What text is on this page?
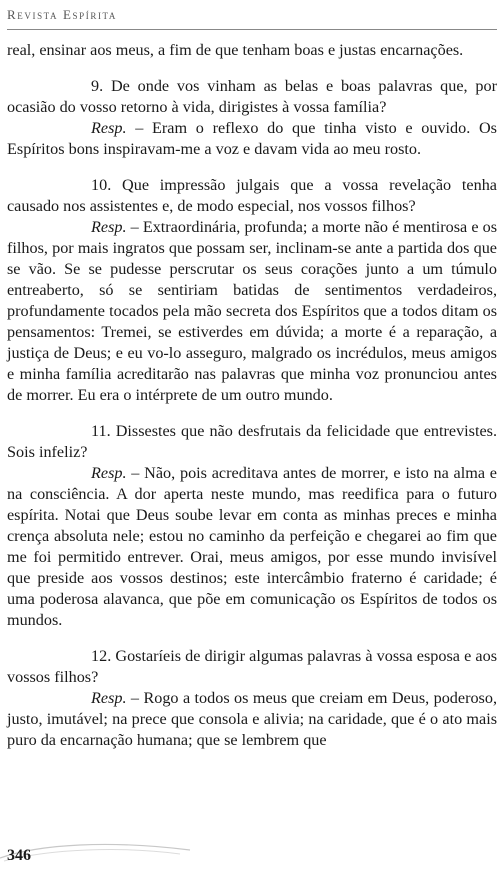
Revista Espírita

real, ensinar aos meus, a fim de que tenham boas e justas encarnações.

9. De onde vos vinham as belas e boas palavras que, por ocasião do vosso retorno à vida, dirigistes à vossa família?

Resp. – Eram o reflexo do que tinha visto e ouvido. Os Espíritos bons inspiravam-me a voz e davam vida ao meu rosto.

10. Que impressão julgais que a vossa revelação tenha causado nos assistentes e, de modo especial, nos vossos filhos?

Resp. – Extraordinária, profunda; a morte não é mentirosa e os filhos, por mais ingratos que possam ser, inclinam-se ante a partida dos que se vão. Se se pudesse perscrutar os seus corações junto a um túmulo entreaberto, só se sentiriam batidas de sentimentos verdadeiros, profundamente tocados pela mão secreta dos Espíritos que a todos ditam os pensamentos: Tremei, se estiverdes em dúvida; a morte é a reparação, a justiça de Deus; e eu vo-lo asseguro, malgrado os incrédulos, meus amigos e minha família acreditarão nas palavras que minha voz pronunciou antes de morrer. Eu era o intérprete de um outro mundo.

11. Dissestes que não desfrutais da felicidade que entrevistes. Sois infeliz?

Resp. – Não, pois acreditava antes de morrer, e isto na alma e na consciência. A dor aperta neste mundo, mas reedifica para o futuro espírita. Notai que Deus soube levar em conta as minhas preces e minha crença absoluta nele; estou no caminho da perfeição e chegarei ao fim que me foi permitido entrever. Orai, meus amigos, por esse mundo invisível que preside aos vossos destinos; este intercâmbio fraterno é caridade; é uma poderosa alavanca, que põe em comunicação os Espíritos de todos os mundos.

12. Gostaríeis de dirigir algumas palavras à vossa esposa e aos vossos filhos?

Resp. – Rogo a todos os meus que creiam em Deus, poderoso, justo, imutável; na prece que consola e alivia; na caridade, que é o ato mais puro da encarnação humana; que se lembrem que

346
